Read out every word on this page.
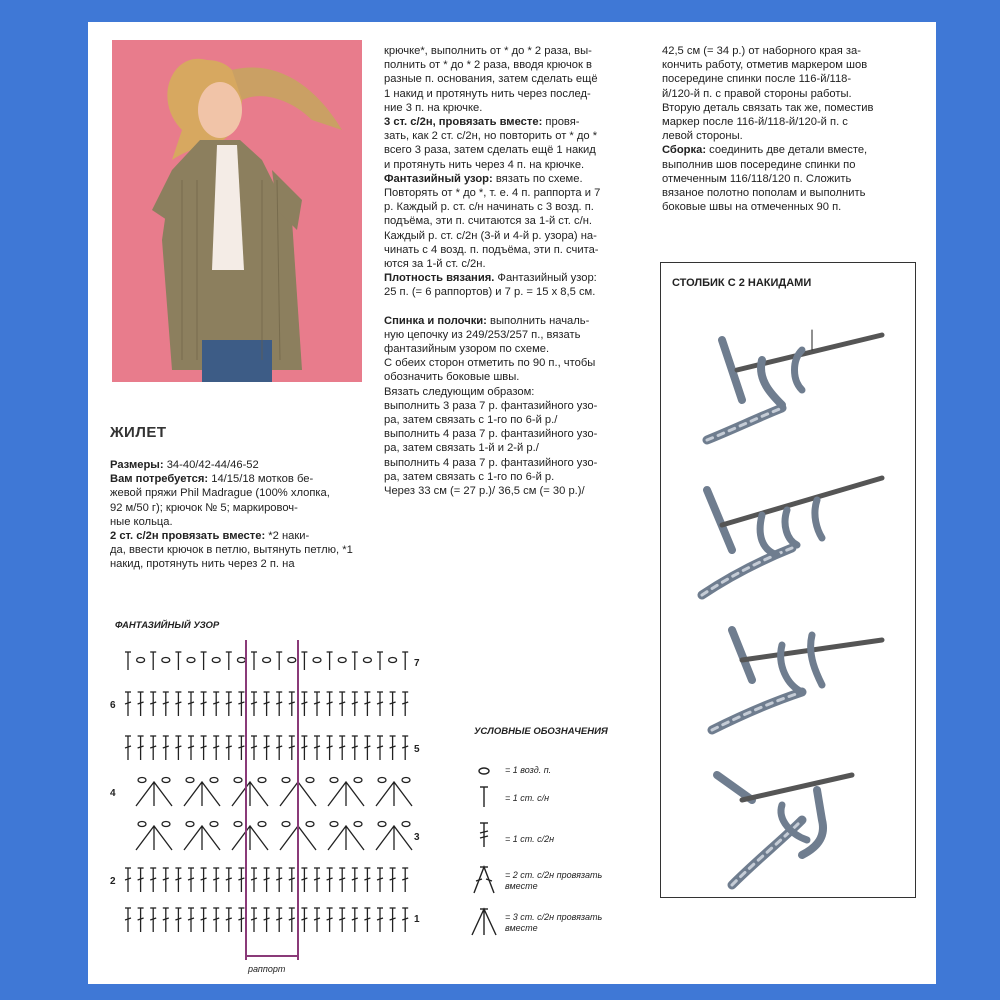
ЖИЛЕТ

Размеры: 34-40/42-44/46-52

Вам потребуется: 14/15/18 мотков бе-

жевой пряжи Phil Madrague (100% хлопка,

92 м/50 г); крючок № 5; маркировоч-

ные кольца.

2 ст. с/2н провязать вместе: *2 наки-

да, ввести крючок в петлю, вытянуть петлю, *1 накид, протянуть нить через 2 п. на

крючке*, выполнить от * до * 2 раза, вы-

полнить от * до * 2 раза, вводя крючок в

разные п. основания, затем сделать ещё

1 накид и протянуть нить через послед-

ние 3 п. на крючке.

3 ст. с/2н, провязать вместе: провя-

зать, как 2 ст. с/2н, но повторить от * до *

всего 3 раза, затем сделать ещё 1 накид

и протянуть нить через 4 п. на крючке.

Фантазийный узор: вязать по схеме.

Повторять от * до *, т. е. 4 п. раппорта и 7

р. Каждый р. ст. с/н начинать с 3 возд. п.

подъёма, эти п. считаются за 1-й ст. с/н.

Каждый р. ст. с/2н (3-й и 4-й р. узора) на-

чинать с 4 возд. п. подъёма, эти п. счита-

ются за 1-й ст. с/2н.

Плотность вязания. Фантазийный узор:

25 п. (= 6 раппортов) и 7 р. = 15 х 8,5 см.

Спинка и полочки: выполнить началь-

ную цепочку из 249/253/257 п., вязать

фантазийным узором по схеме.

С обеих сторон отметить по 90 п., чтобы

обозначить боковые швы.

Вязать следующим образом:

выполнить 3 раза 7 р. фантазийного узо-

ра, затем связать с 1-го по 6-й р./

выполнить 4 раза 7 р. фантазийного узо-

ра, затем связать 1-й и 2-й р./

выполнить 4 раза 7 р. фантазийного узо-

ра, затем связать с 1-го по 6-й р.

Через 33 см (= 27 р.)/ 36,5 см (= 30 р.)/

42,5 см (= 34 р.) от наборного края за-

кончить работу, отметив маркером шов

посередине спинки после 116-й/118-

й/120-й п. с правой стороны работы.

Вторую деталь связать так же, поместив

маркер после 116-й/118-й/120-й п. с

левой стороны.

Сборка: соединить две детали вместе,

выполнив шов посередине спинки по

отмеченным 116/118/120 п. Сложить

вязаное полотно пополам и выполнить

боковые швы на отмеченных 90 п.

ФАНТАЗИЙНЫЙ УЗОР
6
4
2
7
5
3
1
раппорт
УСЛОВНЫЕ ОБОЗНАЧЕНИЯ
= 1 возд. п.
= 1 ст. с/н
= 1 ст. с/2н
= 2 ст. с/2н провязать вместе
= 3 ст. с/2н провязать вместе
СТОЛБИК С 2 НАКИДАМИ
